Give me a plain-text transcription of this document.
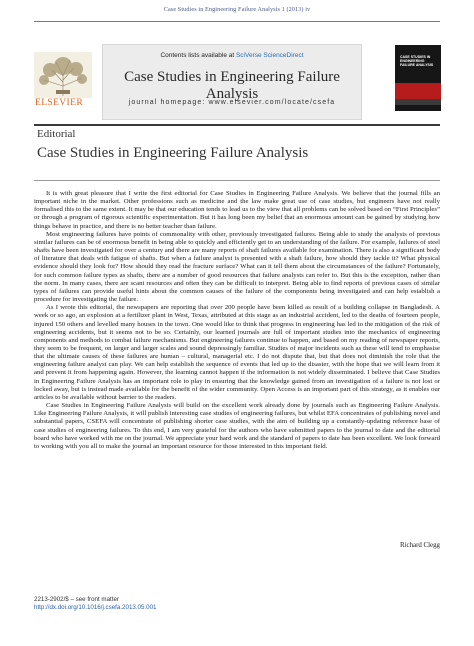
Case Studies in Engineering Failure Analysis 1 (2013) iv
ELSEVIER
Contents lists available at SciVerse ScienceDirect
Case Studies in Engineering Failure Analysis
journal homepage: www.elsevier.com/locate/csefa
CASE STUDIES IN ENGINEERING FAILURE ANALYSIS
Editorial
Case Studies in Engineering Failure Analysis

It is with great pleasure that I write the first editorial for Case Studies in Engineering Failure Analysis. We believe that the journal fills an important niche in the market. Other professions such as medicine and the law make great use of case studies, but engineers have not really formalised this to the same extent. It may be that our education tends to lead us to the view that all problems can be solved based on “First Principles” or through a program of rigorous scientific experimentation. But it has long been my belief that an enormous amount can be gained by studying how things behave in practice, and there is no better teacher than failure.

Most engineering failures have points of commonality with other, previously investigated failures. Being able to study the analysis of previous similar failures can be of enormous benefit in being able to quickly and efficiently get to an understanding of the failure. For example, failures of steel shafts have been investigated for over a century and there are many reports of shaft failures available for examination. There is also a significant body of literature that deals with fatigue of shafts. But when a failure analyst is presented with a shaft failure, how should they tackle it? What physical evidence should they look for? How should they read the fracture surface? What can it tell them about the circumstances of the failure? Fortunately, for such common failure types as shafts, there are a number of good resources that failure analysts can refer to. But this is the exception, rather than the norm. In many cases, there are scant resources and often they can be difficult to interpret. Being able to find reports of previous cases of similar types of failures can provide useful hints about the common causes of the failure of the components being investigated and can help establish a procedure for investigating the failure.

As I wrote this editorial, the newspapers are reporting that over 200 people have been killed as result of a building collapse in Bangladesh. A week or so ago, an explosion at a fertilizer plant in West, Texas, attributed at this stage as an industrial accident, led to the deaths of fourteen people, injured 150 others and levelled many houses in the town. One would like to think that progress in engineering has led to the mitigation of the risk of engineering accidents, but it seems not to be so. Certainly, our learned journals are full of important studies into the mechanics of engineering components and methods to combat failure mechanisms. But engineering failures continue to happen, and based on my reading of newspaper reports, they seem to be frequent, on larger and larger scales and sound depressingly familiar. Studies of major incidents such as these will tend to emphasise that the ultimate causes of these failures are human – cultural, managerial etc. I do not dispute that, but that does not diminish the role that the engineering failure analyst can play. We can help establish the sequence of events that led up to the disaster, with the hope that we will learn from it and prevent it from happening again. However, the learning cannot happen if the information is not widely disseminated. I believe that Case Studies in Engineering Failure Analysis has an important role to play in ensuring that the knowledge gained from an investigation of a failure is not lost or locked away, but is instead made available for the benefit of the wider community. Open Access is an important part of this strategy, as it enables our articles to be available without barrier to the readers.

Case Studies in Engineering Failure Analysis will build on the excellent work already done by journals such as Engineering Failure Analysis. Like Engineering Failure Analysis, it will publish interesting case studies of engineering failures, but whilst EFA concentrates of publishing novel and substantial papers, CSEFA will concentrate of publishing shorter case studies, with the aim of building up a constantly-updating reference base of case studies of engineering failures. To this end, I am very grateful for the authors who have submitted papers to the journal to date and the editorial board who have worked with me on the journal. We appreciate your hard work and the standard of papers to date has been excellent. We look forward to working with you all to make the journal an important resource for those interested in this important field.

Richard Clegg
2213-2902/$ – see front matter
http://dx.doi.org/10.1016/j.csefa.2013.05.001
